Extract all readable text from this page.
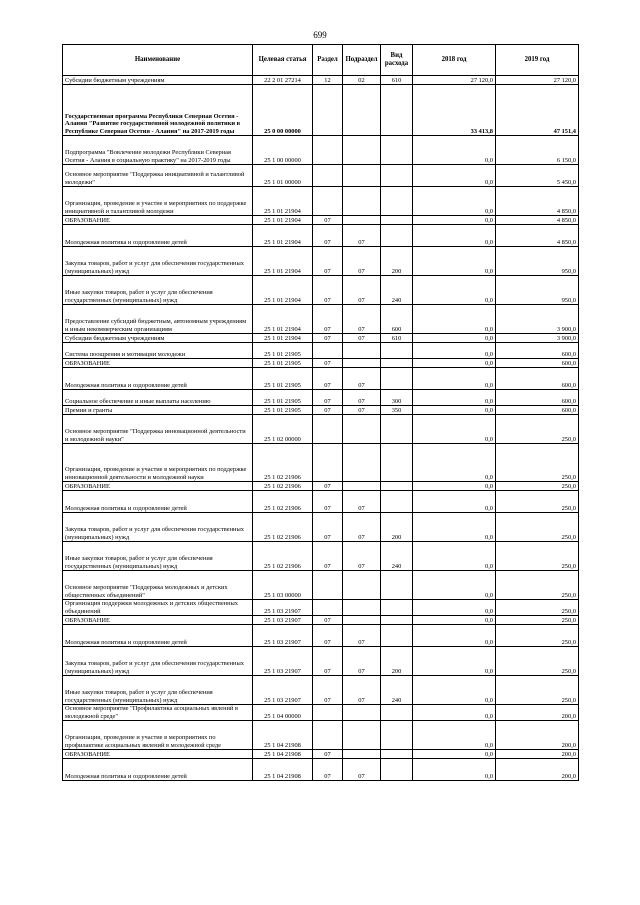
699
Наименование	Целевая статья	Раздел	Подраздел	Вид расхода	2018 год	2019 год
Субсидии бюджетным учреждениям	22 2 01 27214	12	02	610	27 120,0	27 120,0
Государственная программа Республики Северная Осетия - Алания "Развитие государственной молодежной политики в Республике Северная Осетия - Алания" на 2017-2019 годы	25 0 00 00000				33 413,8	47 151,4
Подпрограмма "Вовлечение молодежи Республики Северная Осетия - Алания в социальную практику" на 2017-2019 годы	25 1 00 00000				0,0	6 150,0
Основное мероприятие "Поддержка инициативной и талантливой молодежи"	25 1 01 00000				0,0	5 450,0
Организация, проведение и участие в мероприятиях по поддержке инициативной и талантливой молодежи	25 1 01 21904				0,0	4 850,0
ОБРАЗОВАНИЕ	25 1 01 21904	07			0,0	4 850,0
Молодежная политика и оздоровление детей	25 1 01 21904	07	07		0,0	4 850,0
Закупка товаров, работ и услуг для обеспечения государственных (муниципальных) нужд	25 1 01 21904	07	07	200	0,0	950,0
Иные закупки товаров, работ и услуг для обеспечения государственных (муниципальных) нужд	25 1 01 21904	07	07	240	0,0	950,0
Предоставление субсидий бюджетным, автономным учреждениям и иным некоммерческим организациям	25 1 01 21904	07	07	600	0,0	3 900,0
Субсидии бюджетным учреждениям	25 1 01 21904	07	07	610	0,0	3 900,0
Система поощрения и мотивации молодежи	25 1 01 21905				0,0	600,0
ОБРАЗОВАНИЕ	25 1 01 21905	07			0,0	600,0
Молодежная политика и оздоровление детей	25 1 01 21905	07	07		0,0	600,0
Социальное обеспечение и иные выплаты населению	25 1 01 21905	07	07	300	0,0	600,0
Премии и гранты	25 1 01 21905	07	07	350	0,0	600,0
Основное мероприятие "Поддержка инновационной деятельности и молодежной науки"	25 1 02 00000				0,0	250,0
Организация, проведение и участие в мероприятиях по поддержке инновационной деятельности и молодежной науки	25 1 02 21906				0,0	250,0
ОБРАЗОВАНИЕ	25 1 02 21906	07			0,0	250,0
Молодежная политика и оздоровление детей	25 1 02 21906	07	07		0,0	250,0
Закупка товаров, работ и услуг для обеспечения государственных (муниципальных) нужд	25 1 02 21906	07	07	200	0,0	250,0
Иные закупки товаров, работ и услуг для обеспечения государственных (муниципальных) нужд	25 1 02 21906	07	07	240	0,0	250,0
Основное мероприятие "Поддержка молодежных и детских общественных объединений"	25 1 03 00000				0,0	250,0
Организация поддержки молодежных и детских общественных объединений	25 1 03 21907				0,0	250,0
ОБРАЗОВАНИЕ	25 1 03 21907	07			0,0	250,0
Молодежная политика и оздоровление детей	25 1 03 21907	07	07		0,0	250,0
Закупка товаров, работ и услуг для обеспечения государственных (муниципальных) нужд	25 1 03 21907	07	07	200	0,0	250,0
Иные закупки товаров, работ и услуг для обеспечения государственных (муниципальных) нужд	25 1 03 21907	07	07	240	0,0	250,0
Основное мероприятие "Профилактика асоциальных явлений в молодежной среде"	25 1 04 00000				0,0	200,0
Организация, проведение и участие в мероприятиях по профилактике асоциальных явлений в молодежной среде	25 1 04 21908				0,0	200,0
ОБРАЗОВАНИЕ	25 1 04 21908	07			0,0	200,0
Молодежная политика и оздоровление детей	25 1 04 21908	07	07		0,0	200,0
